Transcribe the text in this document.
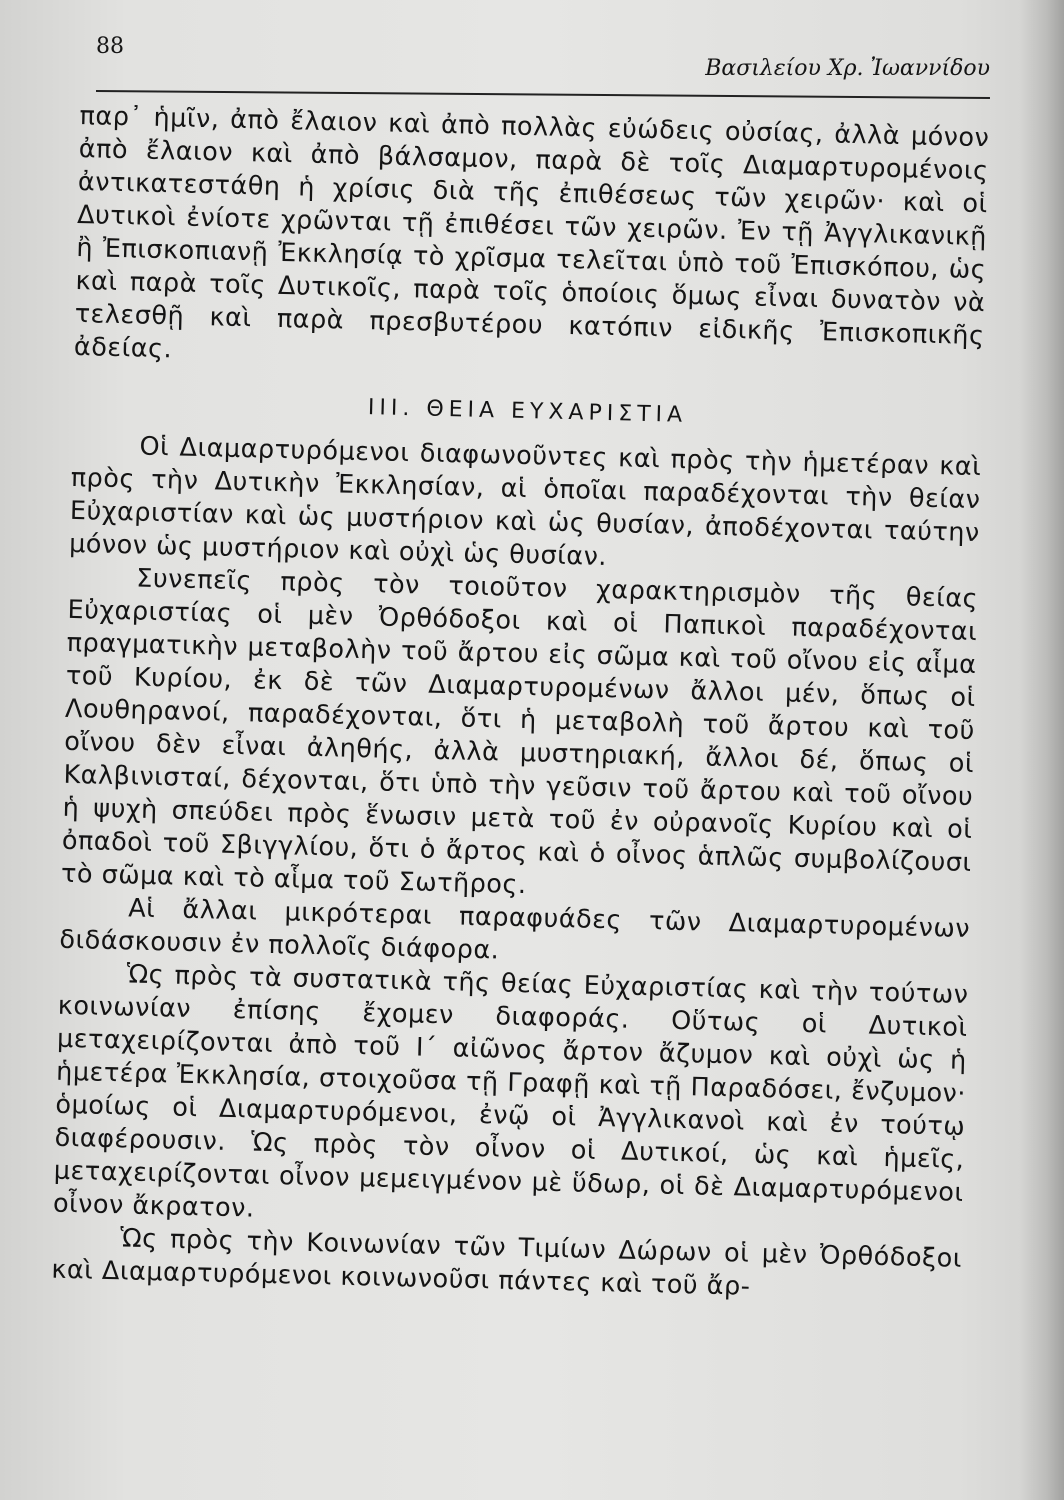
88
Βασιλείου Χρ. Ἰωαννίδου

παρ᾽ ἡμῖν, ἀπὸ ἔλαιον καὶ ἀπὸ πολλὰς εὐώδεις οὐσίας, ἀλλὰ μόνον ἀπὸ ἔλαιον καὶ ἀπὸ βάλσαμον, παρὰ δὲ τοῖς Διαμαρτυρομένοις ἀντικατεστάθη ἡ χρίσις διὰ τῆς ἐπιθέσεως τῶν χειρῶν· καὶ οἱ Δυτικοὶ ἐνίοτε χρῶνται τῇ ἐπιθέσει τῶν χειρῶν. Ἐν τῇ Ἀγγλικανικῇ ἢ Ἐπισκοπιανῇ Ἐκκλησίᾳ τὸ χρῖσμα τελεῖται ὑπὸ τοῦ Ἐπισκόπου, ὡς καὶ παρὰ τοῖς Δυτικοῖς, παρὰ τοῖς ὁποίοις ὅμως εἶναι δυνατὸν νὰ τελεσθῇ καὶ παρὰ πρεσβυτέρου κατόπιν εἰδικῆς Ἐπισκοπικῆς ἀδείας.

III. ΘΕΙΑ ΕΥΧΑΡΙΣΤΙΑ

Οἱ Διαμαρτυρόμενοι διαφωνοῦντες καὶ πρὸς τὴν ἡμετέραν καὶ πρὸς τὴν Δυτικὴν Ἐκκλησίαν, αἱ ὁποῖαι παραδέχονται τὴν θείαν Εὐχαριστίαν καὶ ὡς μυστήριον καὶ ὡς θυσίαν, ἀποδέχονται ταύτην μόνον ὡς μυστήριον καὶ οὐχὶ ὡς θυσίαν.

Συνεπεῖς πρὸς τὸν τοιοῦτον χαρακτηρισμὸν τῆς θείας Εὐχαριστίας οἱ μὲν Ὀρθόδοξοι καὶ οἱ Παπικοὶ παραδέχονται πραγματικὴν μεταβολὴν τοῦ ἄρτου εἰς σῶμα καὶ τοῦ οἴνου εἰς αἷμα τοῦ Κυρίου, ἐκ δὲ τῶν Διαμαρτυρομένων ἄλλοι μέν, ὅπως οἱ Λουθηρανοί, παραδέχονται, ὅτι ἡ μεταβολὴ τοῦ ἄρτου καὶ τοῦ οἴνου δὲν εἶναι ἀληθής, ἀλλὰ μυστηριακή, ἄλλοι δέ, ὅπως οἱ Καλβινισταί, δέχονται, ὅτι ὑπὸ τὴν γεῦσιν τοῦ ἄρτου καὶ τοῦ οἴνου ἡ ψυχὴ σπεύδει πρὸς ἕνωσιν μετὰ τοῦ ἐν οὐρανοῖς Κυρίου καὶ οἱ ὀπαδοὶ τοῦ Σβιγγλίου, ὅτι ὁ ἄρτος καὶ ὁ οἶνος ἁπλῶς συμβολίζουσι τὸ σῶμα καὶ τὸ αἷμα τοῦ Σωτῆρος.

Αἱ ἄλλαι μικρότεραι παραφυάδες τῶν Διαμαρτυρομένων διδάσκουσιν ἐν πολλοῖς διάφορα.

Ὡς πρὸς τὰ συστατικὰ τῆς θείας Εὐχαριστίας καὶ τὴν τούτων κοινωνίαν ἐπίσης ἔχομεν διαφοράς. Οὕτως οἱ Δυτικοὶ μεταχειρίζονται ἀπὸ τοῦ Ι´ αἰῶνος ἄρτον ἄζυμον καὶ οὐχὶ ὡς ἡ ἡμετέρα Ἐκκλησία, στοιχοῦσα τῇ Γραφῇ καὶ τῇ Παραδόσει, ἔνζυμον· ὁμοίως οἱ Διαμαρτυρόμενοι, ἐνῷ οἱ Ἀγγλικανοὶ καὶ ἐν τούτῳ διαφέρουσιν. Ὡς πρὸς τὸν οἶνον οἱ Δυτικοί, ὡς καὶ ἡμεῖς, μεταχειρίζονται οἶνον μεμειγμένον μὲ ὕδωρ, οἱ δὲ Διαμαρτυρόμενοι οἶνον ἄκρατον.

Ὡς πρὸς τὴν Κοινωνίαν τῶν Τιμίων Δώρων οἱ μὲν Ὀρθόδοξοι καὶ Διαμαρτυρόμενοι κοινωνοῦσι πάντες καὶ τοῦ ἄρ-
